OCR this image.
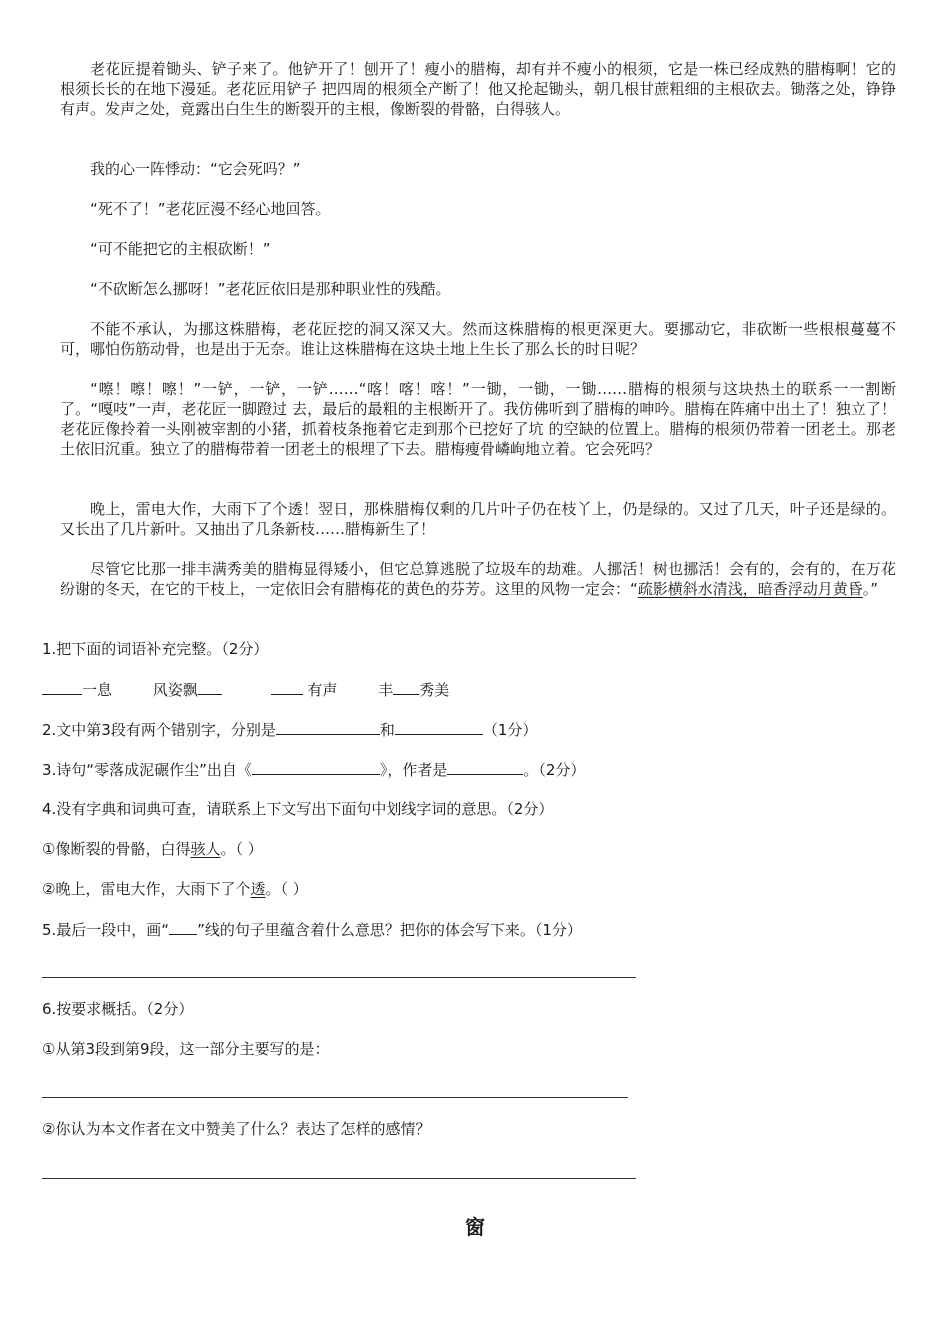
老花匠提着锄头、铲子来了。他铲开了！刨开了！瘦小的腊梅，却有并不瘦小的根须，它是一株已经成熟的腊梅啊！它的根须长长的在地下漫延。老花匠用铲子 把四周的根须全产断了！他又抡起锄头，朝几根甘蔗粗细的主根砍去。锄落之处，铮铮有声。发声之处，竟露出白生生的断裂开的主根，像断裂的骨骼，白得骇人。

我的心一阵悸动：“它会死吗？”

“死不了！”老花匠漫不经心地回答。

“可不能把它的主根砍断！”

“不砍断怎么挪呀！”老花匠依旧是那种职业性的残酷。

不能不承认，为挪这株腊梅，老花匠挖的洞又深又大。然而这株腊梅的根更深更大。要挪动它，非砍断一些根根蔓蔓不可，哪怕伤筋动骨，也是出于无奈。谁让这株腊梅在这块土地上生长了那么长的时日呢？

“嚓！嚓！嚓！”一铲，一铲，一铲……“喀！喀！喀！”一锄，一锄，一锄……腊梅的根须与这块热土的联系一一割断了。“嘎吱”一声，老花匠一脚蹬过 去，最后的最粗的主根断开了。我仿佛听到了腊梅的呻吟。腊梅在阵痛中出土了！独立了！老花匠像拎着一头刚被宰割的小猪，抓着枝条拖着它走到那个已挖好了坑 的空缺的位置上。腊梅的根须仍带着一团老土。那老土依旧沉重。独立了的腊梅带着一团老土的根埋了下去。腊梅瘦骨嶙峋地立着。它会死吗？

晚上，雷电大作，大雨下了个透！翌日，那株腊梅仅剩的几片叶子仍在枝丫上，仍是绿的。又过了几天，叶子还是绿的。又长出了几片新叶。又抽出了几条新枝……腊梅新生了！

尽管它比那一排丰满秀美的腊梅显得矮小，但它总算逃脱了垃圾车的劫难。人挪活！树也挪活！会有的，会有的，在万花纷谢的冬天，在它的干枝上，一定依旧会有腊梅花的黄色的芬芳。这里的风物一定会：“疏影横斜水清浅，暗香浮动月黄昏。”

1.把下面的词语补充完整。（2分）

一息	风姿飘	有声	丰 秀美

2.文中第3段有两个错别字，分别是	和	（1分）

3.诗句“零落成泥碾作尘”出自《	》，作者是	。（2分）

4.没有字典和词典可查，请联系上下文写出下面句中划线字词的意思。（2分）

①像断裂的骨骼，白得骇人。（ ）

②晚上，雷电大作，大雨下了个透。（ ）

5.最后一段中，画“ ”线的句子里蕴含着什么意思？把你的体会写下来。（1分）

6.按要求概括。（2分）

①从第3段到第9段，这一部分主要写的是：

②你认为本文作者在文中赞美了什么？表达了怎样的感情？

窗
